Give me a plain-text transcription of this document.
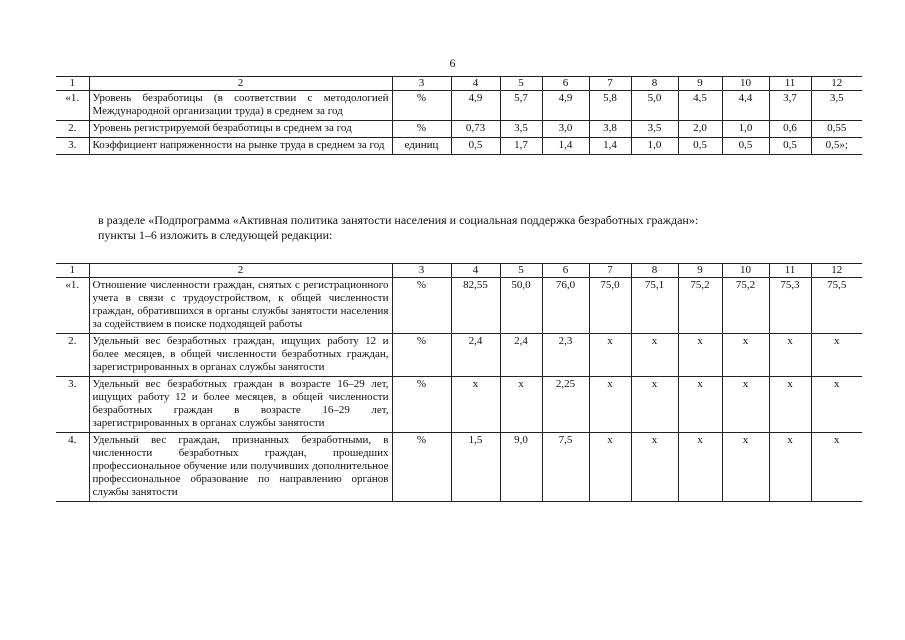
6
1	2	3	4	5	6	7	8	9	10	11	12
«1.	Уровень безработицы (в соответствии с методологией Международной организации труда) в среднем за год	%	4,9	5,7	4,9	5,8	5,0	4,5	4,4	3,7	3,5
2.	Уровень регистрируемой безработицы в среднем за год	%	0,73	3,5	3,0	3,8	3,5	2,0	1,0	0,6	0,55
3.	Коэффициент напряженности на рынке труда в среднем за год	единиц	0,5	1,7	1,4	1,4	1,0	0,5	0,5	0,5	0,5»;
в разделе «Подпрограмма «Активная политика занятости населения и социальная поддержка безработных граждан»:
пункты 1–6 изложить в следующей редакции:
1	2	3	4	5	6	7	8	9	10	11	12
«1.	Отношение численности граждан, снятых с регистрационного учета в связи с трудоустройством, к общей численности граждан, обратившихся в органы службы занятости населения за содействием в поиске подходящей работы	%	82,55	50,0	76,0	75,0	75,1	75,2	75,2	75,3	75,5
2.	Удельный вес безработных граждан, ищущих работу 12 и более месяцев, в общей численности безработных граждан, зарегистрированных в органах службы занятости	%	2,4	2,4	2,3	x	x	x	x	x	x
3.	Удельный вес безработных граждан в возрасте 16–29 лет, ищущих работу 12 и более месяцев, в общей численности безработных граждан в возрасте 16–29 лет, зарегистрированных в органах службы занятости	%	x	x	2,25	x	x	x	x	x	x
4.	Удельный вес граждан, признанных безработными, в численности безработных граждан, прошедших профессиональное обучение или получивших дополнительное профессиональное образование по направлению органов службы занятости	%	1,5	9,0	7,5	x	x	x	x	x	x
